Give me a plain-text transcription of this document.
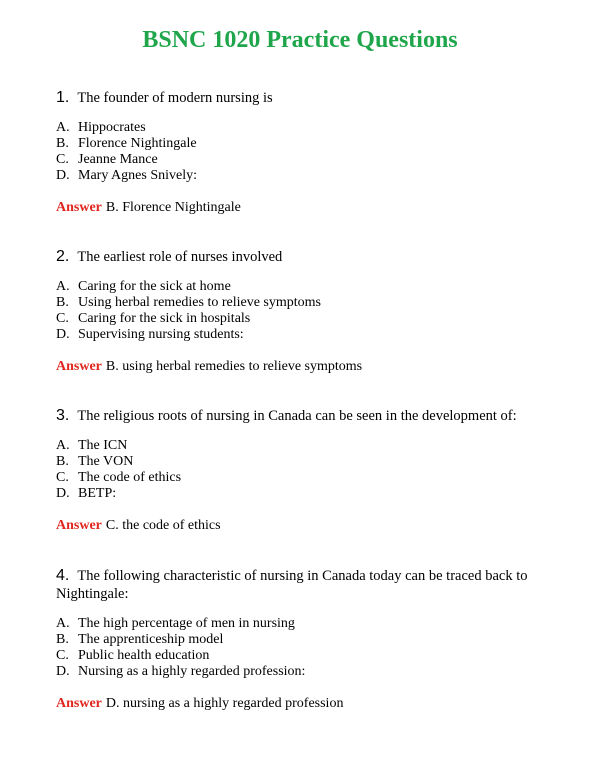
BSNC 1020 Practice Questions

1. The founder of modern nursing is

A. Hippocrates
B. Florence Nightingale
C. Jeanne Mance
D. Mary Agnes Snively:
Answer B. Florence Nightingale

2. The earliest role of nurses involved

A. Caring for the sick at home
B. Using herbal remedies to relieve symptoms
C. Caring for the sick in hospitals
D. Supervising nursing students:
Answer B. using herbal remedies to relieve symptoms

3. The religious roots of nursing in Canada can be seen in the development of:

A. The ICN
B. The VON
C. The code of ethics
D. BETP:
Answer C. the code of ethics

4. The following characteristic of nursing in Canada today can be traced back to Nightingale:

A. The high percentage of men in nursing
B. The apprenticeship model
C. Public health education
D. Nursing as a highly regarded profession:
Answer D. nursing as a highly regarded profession
